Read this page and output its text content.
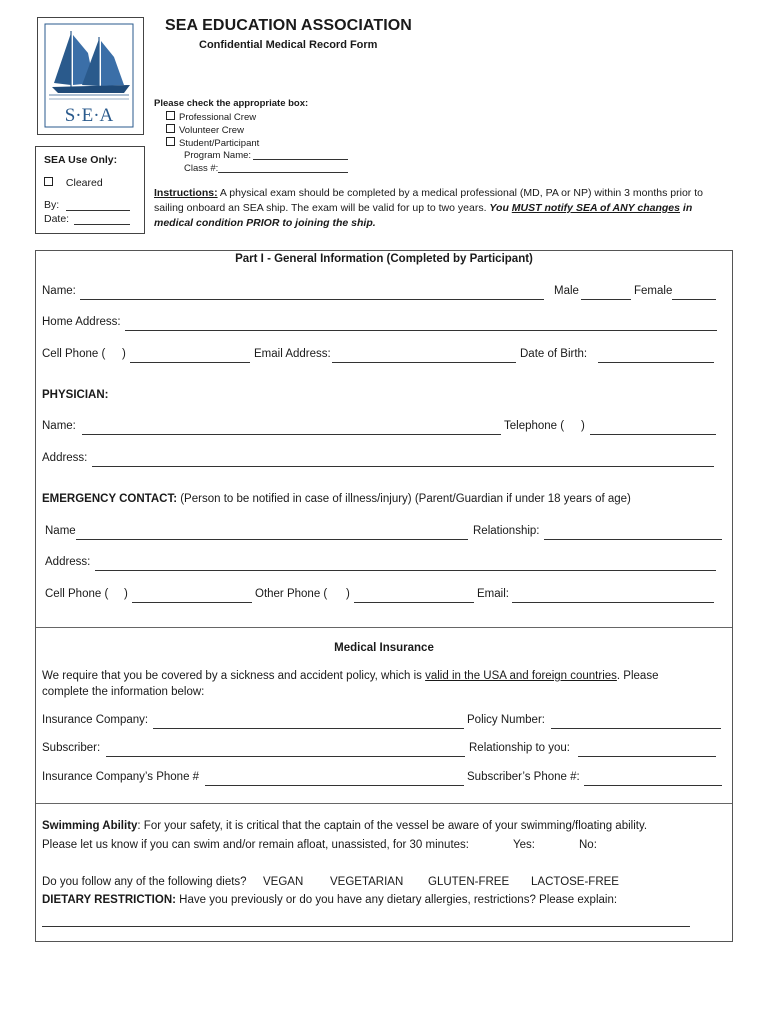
S·E·A
SEA Use Only:
Cleared
By:
Date:
SEA EDUCATION ASSOCIATION
Confidential Medical Record Form
Please check the appropriate box:
Professional Crew
Volunteer Crew
Student/Participant
Program Name:
Class #:
Instructions: A physical exam should be completed by a medical professional (MD, PA or NP) within 3 months prior to sailing onboard an SEA ship. The exam will be valid for up to two years. You MUST notify SEA of ANY changes in medical condition PRIOR to joining the ship.
Part I - General Information (Completed by Participant)
Name:	Male	Female
Home Address:
Cell Phone ( )	Email Address:	Date of Birth:
PHYSICIAN:
Name:	Telephone ( )
Address:
EMERGENCY CONTACT: (Person to be notified in case of illness/injury) (Parent/Guardian if under 18 years of age)
Name	Relationship:
Address:
Cell Phone ( )	Other Phone ( )	Email:
Medical Insurance
We require that you be covered by a sickness and accident policy, which is valid in the USA and foreign countries. Please
complete the information below:
Insurance Company:	Policy Number:
Subscriber:	Relationship to you:
Insurance Company’s Phone #	Subscriber’s Phone #:
Swimming Ability: For your safety, it is critical that the captain of the vessel be aware of your swimming/floating ability.
Please let us know if you can swim and/or remain afloat, unassisted, for 30 minutes:	Yes:	No:
Do you follow any of the following diets? VEGAN VEGETARIAN GLUTEN-FREE LACTOSE-FREE
DIETARY RESTRICTION: Have you previously or do you have any dietary allergies, restrictions? Please explain:
